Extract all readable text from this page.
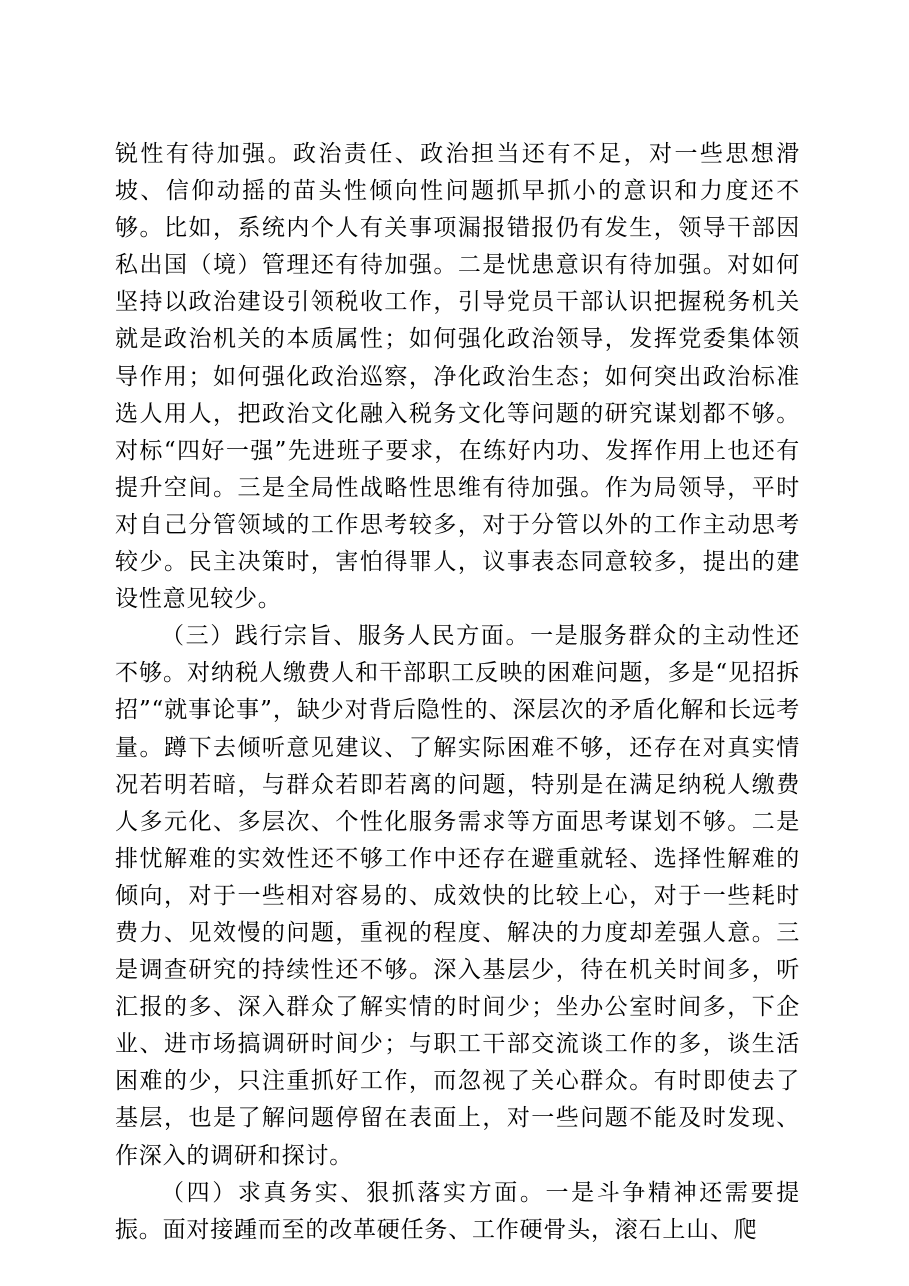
锐性有待加强。政治责任、政治担当还有不足，对一些思想滑坡、信仰动摇的苗头性倾向性问题抓早抓小的意识和力度还不够。比如，系统内个人有关事项漏报错报仍有发生，领导干部因私出国（境）管理还有待加强。二是忧患意识有待加强。对如何坚持以政治建设引领税收工作，引导党员干部认识把握税务机关就是政治机关的本质属性；如何强化政治领导，发挥党委集体领导作用；如何强化政治巡察，净化政治生态；如何突出政治标准选人用人，把政治文化融入税务文化等问题的研究谋划都不够。对标“四好一强”先进班子要求，在练好内功、发挥作用上也还有提升空间。三是全局性战略性思维有待加强。作为局领导，平时对自己分管领域的工作思考较多，对于分管以外的工作主动思考较少。民主决策时，害怕得罪人，议事表态同意较多，提出的建设性意见较少。

（三）践行宗旨、服务人民方面。一是服务群众的主动性还不够。对纳税人缴费人和干部职工反映的困难问题，多是“见招拆招”“就事论事”，缺少对背后隐性的、深层次的矛盾化解和长远考量。蹲下去倾听意见建议、了解实际困难不够，还存在对真实情况若明若暗，与群众若即若离的问题，特别是在满足纳税人缴费人多元化、多层次、个性化服务需求等方面思考谋划不够。二是排忧解难的实效性还不够工作中还存在避重就轻、选择性解难的倾向，对于一些相对容易的、成效快的比较上心，对于一些耗时费力、见效慢的问题，重视的程度、解决的力度却差强人意。三是调查研究的持续性还不够。深入基层少，待在机关时间多，听汇报的多、深入群众了解实情的时间少；坐办公室时间多，下企业、进市场搞调研时间少；与职工干部交流谈工作的多，谈生活困难的少，只注重抓好工作，而忽视了关心群众。有时即使去了基层，也是了解问题停留在表面上，对一些问题不能及时发现、作深入的调研和探讨。

（四）求真务实、狠抓落实方面。一是斗争精神还需要提振。面对接踵而至的改革硬任务、工作硬骨头，滚石上山、爬
